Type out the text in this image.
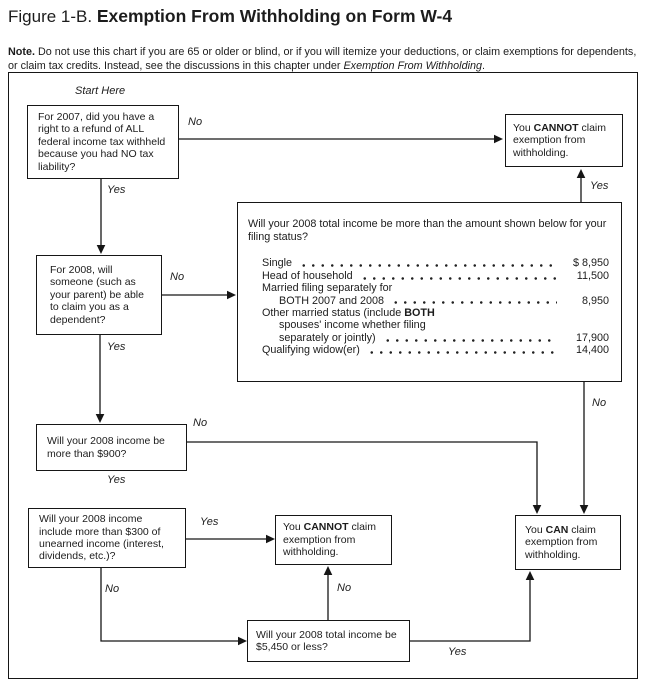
Figure 1-B. Exemption From Withholding on Form W-4

Note. Do not use this chart if you are 65 or older or blind, or if you will itemize your deductions, or claim exemptions for dependents, or claim tax credits. Instead, see the discussions in this chapter under Exemption From Withholding.

Start Here
For 2007, did you have a right to a refund of ALL federal income tax withheld because you had NO tax liability?
You CANNOT claim exemption from withholding.
For 2008, will someone (such as your parent) be able to claim you as a dependent?
Will your 2008 total income be more than the amount shown below for your filing status?
Single	$ 8,950
Head of household	11,500
Married filing separately for
BOTH 2007 and 2008	8,950
Other married status (include BOTH
spouses' income whether filing
separately or jointly)	17,900
Qualifying widow(er)	14,400
Will your 2008 income be more than $900?
Will your 2008 income include more than $300 of unearned income (interest, dividends, etc.)?
You CANNOT claim exemption from withholding.
You CAN claim exemption from withholding.
Will your 2008 total income be $5,450 or less?
No
Yes
No
Yes
Yes
No
No
Yes
Yes
No	No
Yes
